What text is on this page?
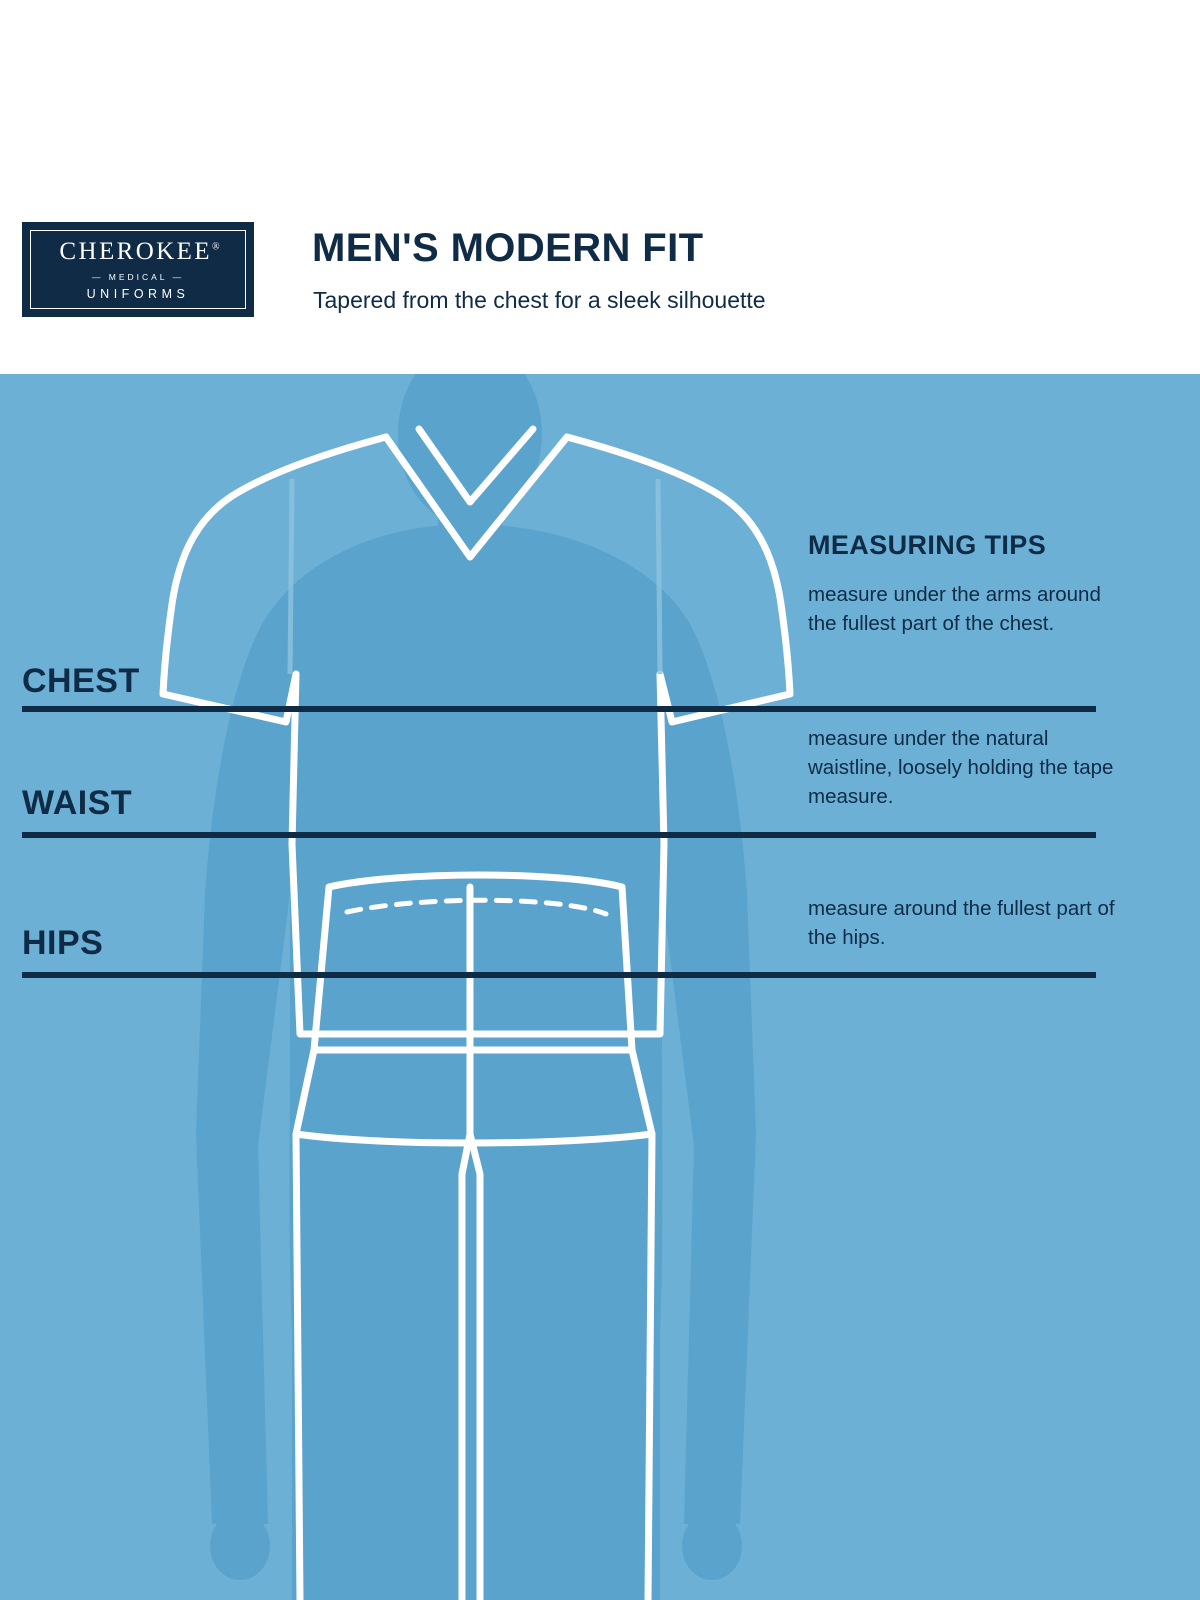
CHEROKEE®
— MEDICAL —
UNIFORMS
MEN'S MODERN FIT
Tapered from the chest for a sleek silhouette
CHEST
WAIST
HIPS
MEASURING TIPS
measure under the arms around the fullest part of the chest.
measure under the natural waistline, loosely holding the tape measure.
measure around the fullest part of the hips.
